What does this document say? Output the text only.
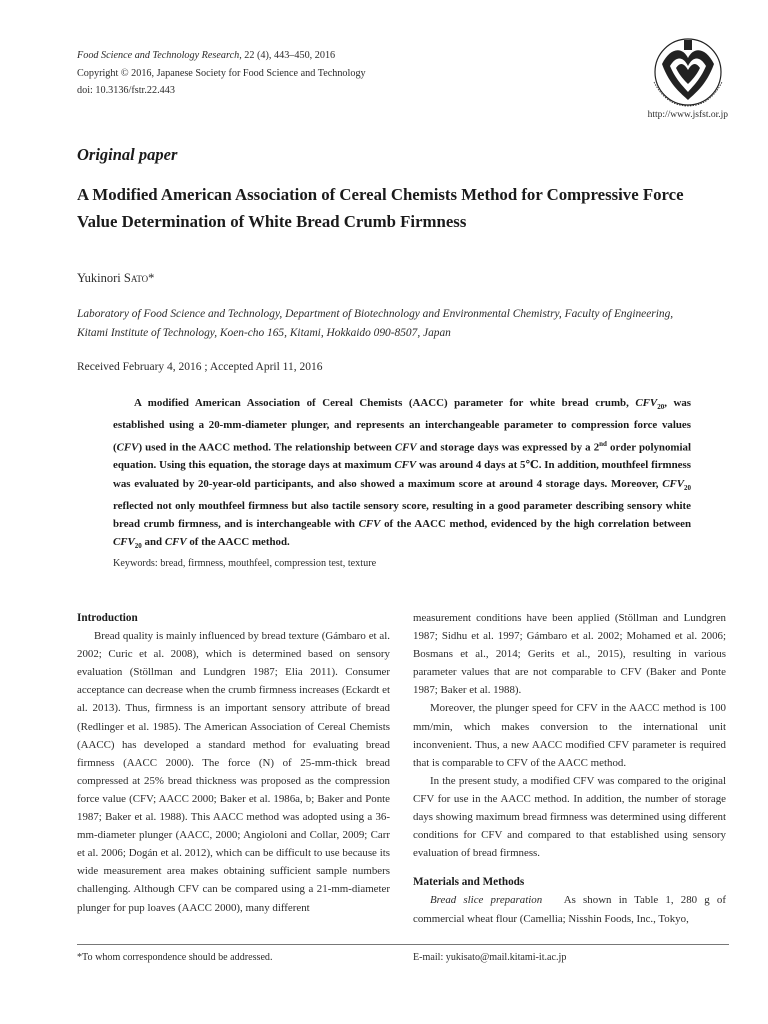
Food Science and Technology Research, 22 (4), 443–450, 2016
Copyright © 2016, Japanese Society for Food Science and Technology
doi: 10.3136/fstr.22.443
http://www.jsfst.or.jp
Original paper
A Modified American Association of Cereal Chemists Method for Compressive Force Value Determination of White Bread Crumb Firmness
Yukinori Sato*
Laboratory of Food Science and Technology, Department of Biotechnology and Environmental Chemistry, Faculty of Engineering, Kitami Institute of Technology, Koen-cho 165, Kitami, Hokkaido 090-8507, Japan
Received February 4, 2016 ; Accepted April 11, 2016
A modified American Association of Cereal Chemists (AACC) parameter for white bread crumb, $CFV_{20}$, was established using a 20-mm-diameter plunger, and represents an interchangeable parameter to compression force values (CFV) used in the AACC method. The relationship between CFV and storage days was expressed by a 2nd order polynomial equation. Using this equation, the storage days at maximum CFV was around 4 days at 5℃. In addition, mouthfeel firmness was evaluated by 20-year-old participants, and also showed a maximum score at around 4 storage days. Moreover, $CFV_{20}$ reflected not only mouthfeel firmness but also tactile sensory score, resulting in a good parameter describing sensory white bread crumb firmness, and is interchangeable with CFV of the AACC method, evidenced by the high correlation between $CFV_{20}$ and CFV of the AACC method.
Keywords: bread, firmness, mouthfeel, compression test, texture
Introduction

Bread quality is mainly influenced by bread texture (Gámbaro et al. 2002; Curic et al. 2008), which is determined based on sensory evaluation (Stöllman and Lundgren 1987; Elia 2011). Consumer acceptance can decrease when the crumb firmness increases (Eckardt et al. 2013). Thus, firmness is an important sensory attribute of bread (Redlinger et al. 1985). The American Association of Cereal Chemists (AACC) has developed a standard method for evaluating bread firmness (AACC 2000). The force (N) of 25-mm-thick bread compressed at 25% bread thickness was proposed as the compression force value (CFV; AACC 2000; Baker et al. 1986a, b; Baker and Ponte 1987; Baker et al. 1988). This AACC method was adopted using a 36-mm-diameter plunger (AACC, 2000; Angioloni and Collar, 2009; Carr et al. 2006; Dogán et al. 2012), which can be difficult to use because its wide measurement area makes obtaining sufficient sample numbers challenging. Although CFV can be compared using a 21-mm-diameter plunger for pup loaves (AACC 2000), many different

measurement conditions have been applied (Stöllman and Lundgren 1987; Sidhu et al. 1997; Gámbaro et al. 2002; Mohamed et al. 2006; Bosmans et al., 2014; Gerits et al., 2015), resulting in various parameter values that are not comparable to CFV (Baker and Ponte 1987; Baker et al. 1988).

Moreover, the plunger speed for CFV in the AACC method is 100 mm/min, which makes conversion to the international unit inconvenient. Thus, a new AACC modified CFV parameter is required that is comparable to CFV of the AACC method.

In the present study, a modified CFV was compared to the original CFV for use in the AACC method. In addition, the number of storage days showing maximum bread firmness was determined using different conditions for CFV and compared to that established using sensory evaluation of bread firmness.

Materials and Methods

Bread slice preparation As shown in Table 1, 280 g of commercial wheat flour (Camellia; Nisshin Foods, Inc., Tokyo,

*To whom correspondence should be addressed.	E-mail: yukisato@mail.kitami-it.ac.jp
